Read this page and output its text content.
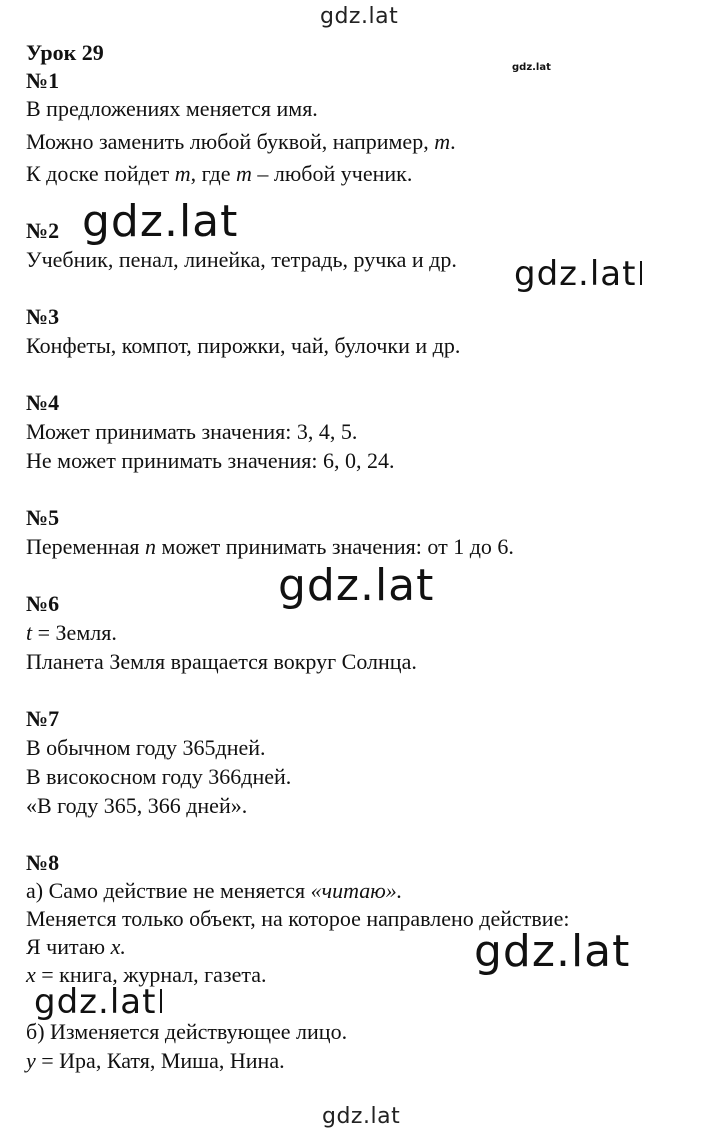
gdz.lat
gdz.lat
Урок 29
№1
В предложениях меняется имя.
Можно заменить любой буквой, например, m.
К доске пойдет m, где m – любой ученик.
№2 gdz.lat
Учебник, пенал, линейка, тетрадь, ручка и др. gdz.lat
№3
Конфеты, компот, пирожки, чай, булочки и др.
№4
Может принимать значения: 3, 4, 5.
Не может принимать значения: 6, 0, 24.
№5
Переменная n может принимать значения: от 1 до 6.
gdz.lat
№6
t = Земля.
Планета Земля вращается вокруг Солнца.
№7
В обычном году 365дней.
В високосном году 366дней.
«В году 365, 366 дней».
№8
а) Само действие не меняется «читаю».
Меняется только объект, на которое направлено действие:
Я читаю x.
x = книга, журнал, газета.	gdz.lat
gdz.lat
б) Изменяется действующее лицо.
y = Ира, Катя, Миша, Нина.
gdz.lat
